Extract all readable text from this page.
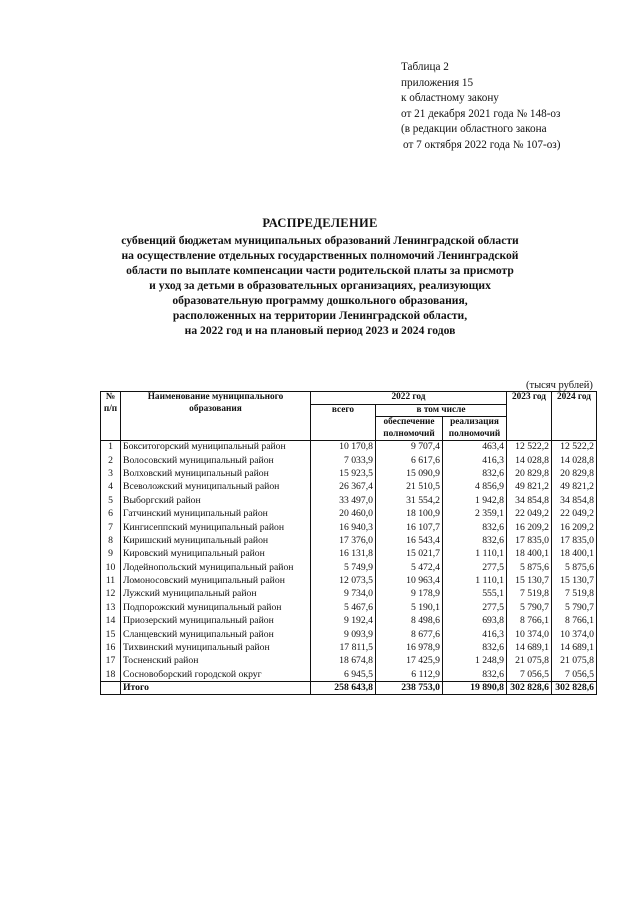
Таблица 2
приложения 15
к областному закону
от 21 декабря 2021 года № 148-оз
(в редакции областного закона
от 7 октября 2022 года № 107-оз)
РАСПРЕДЕЛЕНИЕ
субвенций бюджетам муниципальных образований Ленинградской области
на осуществление отдельных государственных полномочий Ленинградской
области по выплате компенсации части родительской платы за присмотр
и уход за детьми в образовательных организациях, реализующих
образовательную программу дошкольного образования,
расположенных на территории Ленинградской области,
на 2022 год и на плановый период 2023 и 2024 годов
(тысяч рублей)
№ п/п	Наименование муниципального образования	2022 год			2023 год	2024 год
		всего	в том числе			
			обеспечение полномочий	реализация полномочий		
1	Бокситогорский муниципальный район	10 170,8	9 707,4	463,4	12 522,2	12 522,2
2	Волосовский муниципальный район	7 033,9	6 617,6	416,3	14 028,8	14 028,8
3	Волховский муниципальный район	15 923,5	15 090,9	832,6	20 829,8	20 829,8
4	Всеволожский муниципальный район	26 367,4	21 510,5	4 856,9	49 821,2	49 821,2
5	Выборгский район	33 497,0	31 554,2	1 942,8	34 854,8	34 854,8
6	Гатчинский муниципальный район	20 460,0	18 100,9	2 359,1	22 049,2	22 049,2
7	Кингисеппский муниципальный район	16 940,3	16 107,7	832,6	16 209,2	16 209,2
8	Киришский муниципальный район	17 376,0	16 543,4	832,6	17 835,0	17 835,0
9	Кировский муниципальный район	16 131,8	15 021,7	1 110,1	18 400,1	18 400,1
10	Лодейнопольский муниципальный район	5 749,9	5 472,4	277,5	5 875,6	5 875,6
11	Ломоносовский муниципальный район	12 073,5	10 963,4	1 110,1	15 130,7	15 130,7
12	Лужский муниципальный район	9 734,0	9 178,9	555,1	7 519,8	7 519,8
13	Подпорожский муниципальный район	5 467,6	5 190,1	277,5	5 790,7	5 790,7
14	Приозерский муниципальный район	9 192,4	8 498,6	693,8	8 766,1	8 766,1
15	Сланцевский муниципальный район	9 093,9	8 677,6	416,3	10 374,0	10 374,0
16	Тихвинский муниципальный район	17 811,5	16 978,9	832,6	14 689,1	14 689,1
17	Тосненский район	18 674,8	17 425,9	1 248,9	21 075,8	21 075,8
18	Сосновоборский городской округ	6 945,5	6 112,9	832,6	7 056,5	7 056,5
	Итого	258 643,8	238 753,0	19 890,8	302 828,6	302 828,6
